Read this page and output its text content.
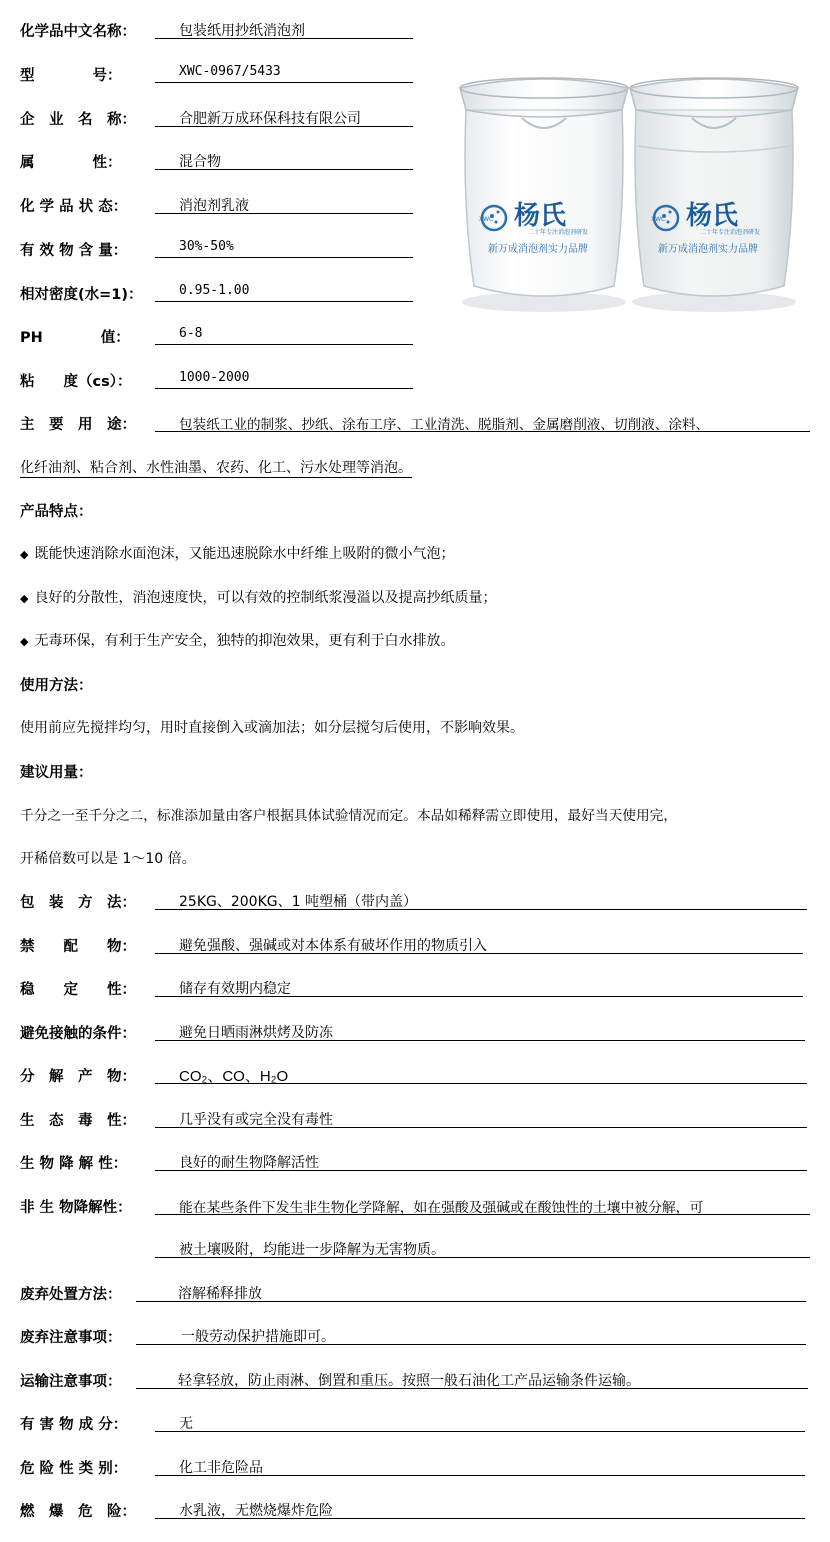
化学品中文名称：	包装纸用抄纸消泡剂
型　　　　号：	XWC-0967/5433
企　业　名　称：	合肥新万成环保科技有限公司
属　　　　性：	混合物
化 学 品 状 态：	消泡剂乳液
有 效 物 含 量：	30%-50%
相对密度(水=1)：	0.95-1.00
PH　　　　值：	6-8
粘　　度（cs）：	1000-2000
XWC 杨氏
二十年专注消泡剂研发
新万成消泡剂实力品牌
XWC 杨氏
二十年专注消泡剂研发
新万成消泡剂实力品牌
主　要　用　途：	包装纸工业的制浆、抄纸、涂布工序、工业清洗、脱脂剂、金属磨削液、切削液、涂料、
化纤油剂、粘合剂、水性油墨、农药、化工、污水处理等消泡。
产品特点：
◆ 既能快速消除水面泡沫，又能迅速脱除水中纤维上吸附的微小气泡；
◆ 良好的分散性，消泡速度快，可以有效的控制纸浆漫溢以及提高抄纸质量；
◆ 无毒环保，有利于生产安全，独特的抑泡效果，更有利于白水排放。
使用方法：
使用前应先搅拌均匀，用时直接倒入或滴加法；如分层搅匀后使用，不影响效果。
建议用量：
千分之一至千分之二，标准添加量由客户根据具体试验情况而定。本品如稀释需立即使用，最好当天使用完，
开稀倍数可以是 1～10 倍。
包　装　方　法：	25KG、200KG、1 吨塑桶（带内盖）
禁　　配　　物：	避免强酸、强碱或对本体系有破坏作用的物质引入
稳　　定　　性：	储存有效期内稳定
避免接触的条件：	避免日晒雨淋烘烤及防冻
分　解　产　物：	CO₂、CO、H₂O
生　态　毒　性：	几乎没有或完全没有毒性
生 物 降 解 性：	良好的耐生物降解活性
非 生 物降解性：	能在某些条件下发生非生物化学降解，如在强酸及强碱或在酸蚀性的土壤中被分解，可
被土壤吸附，均能进一步降解为无害物质。
废弃处置方法：	溶解稀释排放
废弃注意事项：	一般劳动保护措施即可。
运输注意事项：	轻拿轻放，防止雨淋、倒置和重压。按照一般石油化工产品运输条件运输。
有 害 物 成 分：	无
危 险 性 类 别：	化工非危险品
燃　爆　危　险：	水乳液，无燃烧爆炸危险
